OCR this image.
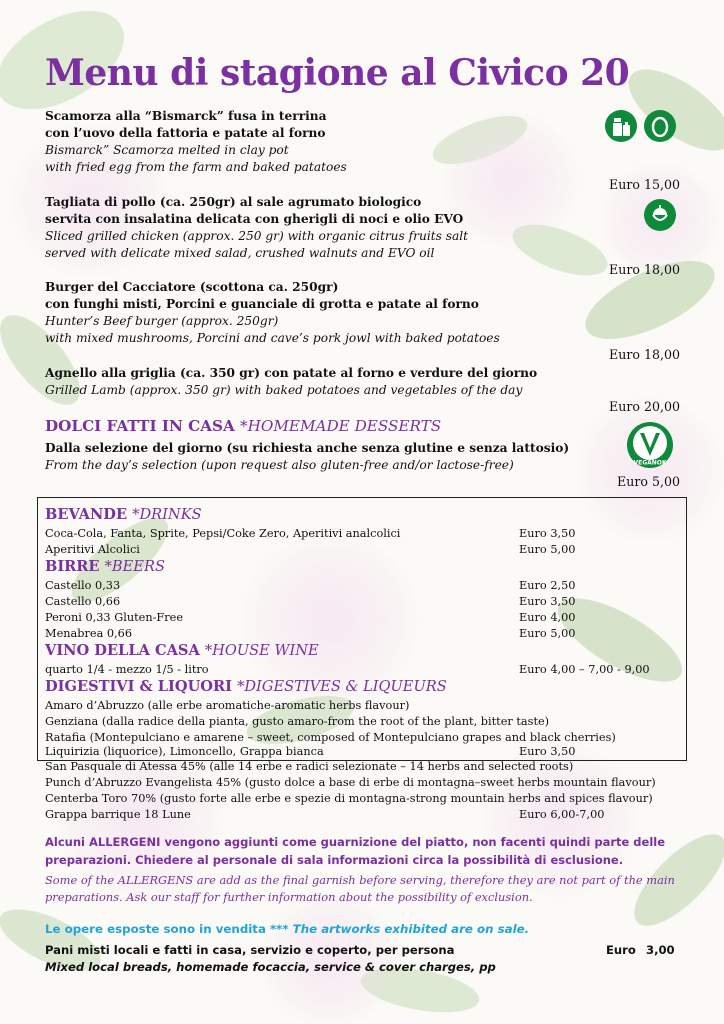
Menu di stagione al Civico 20
Scamorza alla “Bismarck” fusa in terrina
con l’uovo della fattoria e patate al forno
Bismarck” Scamorza melted in clay pot
with fried egg from the farm and baked patatoes
Euro 15,00
Tagliata di pollo (ca. 250gr) al sale agrumato biologico
servita con insalatina delicata con gherigli di noci e olio EVO
Sliced grilled chicken (approx. 250 gr) with organic citrus fruits salt
served with delicate mixed salad, crushed walnuts and EVO oil
Euro 18,00
Burger del Cacciatore (scottona ca. 250gr)
con funghi misti, Porcini e guanciale di grotta e patate al forno
Hunter’s Beef burger (approx. 250gr)
with mixed mushrooms, Porcini and cave’s pork jowl with baked potatoes
Euro 18,00
Agnello alla griglia (ca. 350 gr) con patate al forno e verdure del giorno
Grilled Lamb (approx. 350 gr) with baked potatoes and vegetables of the day
Euro 20,00
DOLCI FATTI IN CASA *HOMEMADE DESSERTS
Dalla selezione del giorno (su richiesta anche senza glutine e senza lattosio)
From the day’s selection (upon request also gluten-free and/or lactose-free)	VEGANOK
Euro 5,00
BEVANDE *DRINKS
Coca-Cola, Fanta, Sprite, Pepsi/Coke Zero, Aperitivi analcolici	Euro 3,50
Aperitivi Alcolici	Euro 5,00
BIRRE *BEERS
Castello 0,33	Euro 2,50
Castello 0,66	Euro 3,50
Peroni 0,33 Gluten-Free	Euro 4,00
Menabrea 0,66	Euro 5,00
VINO DELLA CASA *HOUSE WINE
quarto 1/4 - mezzo 1/5 - litro	Euro 4,00 – 7,00 - 9,00
DIGESTIVI & LIQUORI *DIGESTIVES & LIQUEURS
Amaro d’Abruzzo (alle erbe aromatiche-aromatic herbs flavour)
Genziana (dalla radice della pianta, gusto amaro-from the root of the plant, bitter taste)
Ratafia (Montepulciano e amarene – sweet, composed of Montepulciano grapes and black cherries)
Liquirizia (liquorice), Limoncello, Grappa bianca	Euro 3,50
San Pasquale di Atessa 45% (alle 14 erbe e radici selezionate – 14 herbs and selected roots)
Punch d’Abruzzo Evangelista 45% (gusto dolce a base di erbe di montagna–sweet herbs mountain flavour)
Centerba Toro 70% (gusto forte alle erbe e spezie di montagna-strong mountain herbs and spices flavour)
Grappa barrique 18 Lune	Euro 6,00-7,00
Alcuni ALLERGENI vengono aggiunti come guarnizione del piatto, non facenti quindi parte delle preparazioni. Chiedere al personale di sala informazioni circa la possibilità di esclusione.
Some of the ALLERGENS are add as the final garnish before serving, therefore they are not part of the main preparations. Ask our staff for further information about the possibility of exclusion.
Le opere esposte sono in vendita *** The artworks exhibited are on sale.
Pani misti locali e fatti in casa, servizio e coperto, per persona	Euro 3,00
Mixed local breads, homemade focaccia, service & cover charges, pp
